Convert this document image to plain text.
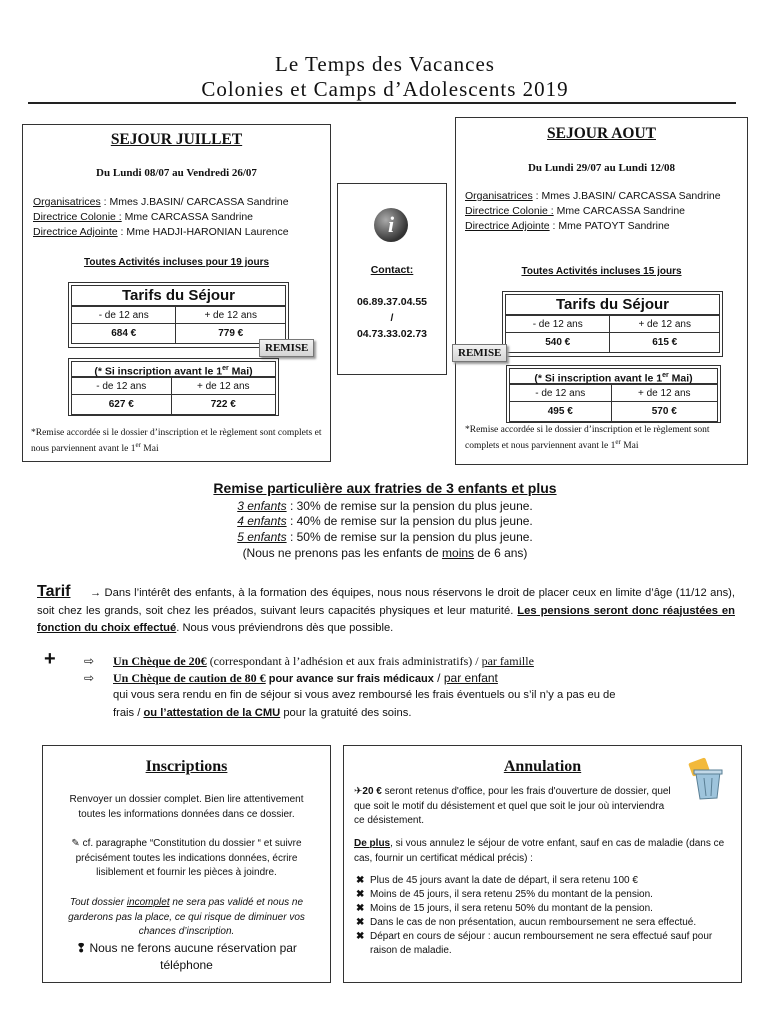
Le Temps des Vacances
Colonies et Camps d’Adolescents 2019
SEJOUR JUILLET
Du Lundi 08/07 au Vendredi 26/07
Organisatrices : Mmes J.BASIN/ CARCASSA Sandrine
Directrice Colonie : Mme CARCASSA Sandrine
Directrice Adjointe : Mme HADJI-HARONIAN Laurence
Toutes Activités incluses pour 19 jours
Tarifs du Séjour
- de 12 ans	+ de 12 ans
684 €	779 €
REMISE
(* Si inscription avant le 1er Mai)
- de 12 ans	+ de 12 ans
627 €	722 €
*Remise accordée si le dossier d’inscription et le règlement sont complets et nous parviennent avant le 1er Mai
i
Contact:
06.89.37.04.55
/
04.73.33.02.73
SEJOUR AOUT
Du Lundi 29/07 au Lundi 12/08
Organisatrices : Mmes J.BASIN/ CARCASSA Sandrine
Directrice Colonie : Mme CARCASSA Sandrine
Directrice Adjointe : Mme PATOYT Sandrine
Toutes Activités incluses 15 jours
Tarifs du Séjour
- de 12 ans	+ de 12 ans
540 €	615 €
REMISE
(* Si inscription avant le 1er Mai)
- de 12 ans	+ de 12 ans
495 €	570 €
*Remise accordée si le dossier d’inscription et le règlement sont complets et nous parviennent avant le 1er Mai
Remise particulière aux fratries de 3 enfants et plus
3 enfants : 30% de remise sur la pension du plus jeune.
4 enfants : 40% de remise sur la pension du plus jeune.
5 enfants : 50% de remise sur la pension du plus jeune.
(Nous ne prenons pas les enfants de moins de 6 ans)
Tarif → Dans l’intérêt des enfants, à la formation des équipes, nous nous réservons le droit de placer ceux en limite d’âge (11/12 ans), soit chez les grands, soit chez les préados, suivant leurs capacités physiques et leur maturité. Les pensions seront donc réajustées en fonction du choix effectué. Nous vous préviendrons dès que possible.
+ ⇨ Un Chèque de 20€ (correspondant à l’adhésion et aux frais administratifs) / par famille
⇨ Un Chèque de caution de 80 € pour avance sur frais médicaux / par enfant
qui vous sera rendu en fin de séjour si vous avez remboursé les frais éventuels ou s’il n’y a pas eu de
frais / ou l’attestation de la CMU pour la gratuité des soins.
Inscriptions
Renvoyer un dossier complet. Bien lire attentivement toutes les informations données dans ce dossier.
✎ cf. paragraphe “Constitution du dossier “ et suivre précisément toutes les indications données, écrire lisiblement et fournir les pièces à joindre.
Tout dossier incomplet ne sera pas validé et nous ne garderons pas la place, ce qui risque de diminuer vos chances d’inscription.
❢ Nous ne ferons aucune réservation par téléphone
Annulation
✈20 € seront retenus d'office, pour les frais d'ouverture de dossier, quel que soit le motif du désistement et quel que soit le jour où interviendra ce désistement.
De plus, si vous annulez le séjour de votre enfant, sauf en cas de maladie (dans ce cas, fournir un certificat médical précis) :
✖ Plus de 45 jours avant la date de départ, il sera retenu 100 €
✖ Moins de 45 jours, il sera retenu 25% du montant de la pension.
✖ Moins de 15 jours, il sera retenu 50% du montant de la pension.
✖ Dans le cas de non présentation, aucun remboursement ne sera effectué.
✖ Départ en cours de séjour : aucun remboursement ne sera effectué sauf pour raison de maladie.
